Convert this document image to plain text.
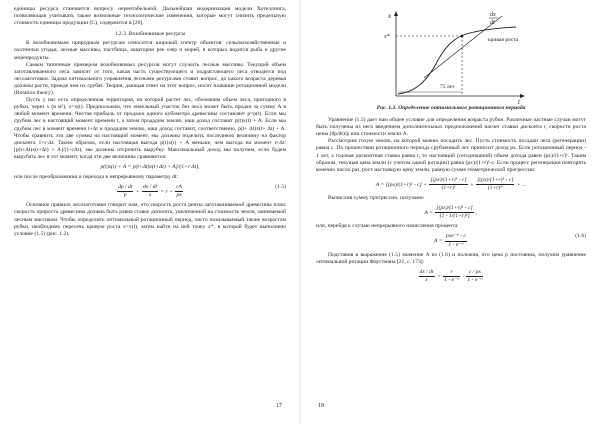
единицы ресурса становится вопросу нерентабельной. Дальнейшая модернизация модели Хотеллинга, позволяющая учитывать также возможные технологические изменения, которые могут снизить предельную стоимость единицы продукции (C), содержится в [20].

1.2.3. Возобновимые ресурсы

К возобновимым природным ресурсам относится широкий спектр объектов: сельскохозяйственные и охотничьи угодья, лесные массивы, пастбища, акватории рек озер и морей, в которых водится рыба и другие морепродукты.

Самым типичным примером возобновимых ресурсов могут служить лесные массивы. Текущий объем заготавливаемого леса зависит от того, какая часть существующего и подрастающего леса отводится под лесозаготовки. Задача оптимального управления лесными ресурсами ставит вопрос, до какого возраста деревья должны расти, прежде чем их срубят. Теория, дающая ответ на этот вопрос, носит название ротационной модели (Rotation theory).

Пусть у нас есть определенная территория, на которой растет лес, обозначим объем леса, пригодного в рубки, через x (в м³), x=x(t). Предположим, что земельный участок без леса может быть продан за сумму A в любой момент времени. Чистая прибыль от продажи одного кубометра древесины составляет p=p(t). Если мы срубим лес в настоящий момент времени t, а затем продадим землю, наш доход составит p(t)x(t) + A. Если мы срубим лес в момент времени t+Δt и продадим землю, наш доход составит, соответственно, p(t+ Δt)x(t+ Δt) + A. Чтобы сравнить эти две суммы на настоящий момент, мы должны поделить последнюю величину на фактор дисконта 1+r·Δt. Таким образом, если настоящая выгода p(t)x(t) + A меньше, чем выгода на момент t+Δt: [p(t+Δt)x(t+Δt) + A]/(1+rΔt), мы должны отсрочить вырубку. Максимальный доход мы получим, если будем вырубать лес в тот момент, когда эти две величины сравняются:

p(t)x(t) + A = p(t+Δt)x(t+Δt) + A]/(1+r·Δt),

или после преобразования и перехода к непрерывному параметру dt:

$\frac{dp / dt}{p} + \frac{dx / dt}{x} = r + \frac{rA}{px}$	(1.5)

Основное правило лесозаготовки говорит нам, что скорость роста ренты заготавливаемой древесины плюс скорость прироста древесины должна быть равна ставке дисконта, увеличенной на стоимость земли, занимаемой лесным массивом. Чтобы определить оптимальный ротационный период, часто показываемый также возрастом рубки, необходимо пересечь кривую роста x=x(t), затем найти на ней точку x*, в которой будет выполнено условие (1.5) (рис. 1.2).

17
x
t
x*
dx
dt
кривая роста
75 лет

Рис. 1.2. Определение оптимального ротационного периода

Уравнение (1.5) дает нам общее условие для определения возраста рубки. Различные частные случаи могут быть получены из него введением дополнительных предположений насчет ставки дисконта r, скорости роста цены (dp/dt)/p или стоимости земли A.

Рассмотрим голую землю, на которой можно посадить лес. Пусть стоимость посадки леса (регенерации) равна c. По прошествии ротационного периода срубленный лес приносит доход px. Если ротационный период - 1 лет, а годовая дисконтная ставка равна r, то настоящий (сегодняшний) объем дохода равен (px)/(1+r)¹. Таким образом, текущая цена земли (с учетом одной ротации) равна (px)/(1+r)¹-c. Если процесс регенерации повторять конечно число раз, рост настоящую цену земли, равную сумме геометрической прогрессии:

$A = [(px)/(1+r)^1 - c] + \frac{\text{[(px)/(1+r)¹ - c]}}{\text{(1+r)¹}} + \frac{\text{[(px)/(1+r)¹ - c]}}{\text{(1+r)²ᵗ}}$ + ...

Вычислив сумму прогрессии, получаем:

$A = \frac{\text{[(px)/(1+r)¹ - c]}}{\text{[1 - 1/(1+r)¹]}}$ ,

или, перейдя к случаю непрерывного начисления процента:

$A = \frac{\text{pxe⁻ʳᵗ - c}}{\text{1 - e⁻ʳᵗ}}$	(1.6)

Подставив в выражение (1.5) значение A из (1.6) и положив, что цена p постоянна, получим уравнение оптимальной ротации Фаустмана [21, с. 173]:

$\frac{dx / dt}{x} = \frac{r}{\text{1 - e⁻ʳᵗ}} \cdot \frac{c / px}{\text{1 - e⁻ʳᵗ}}$
18
